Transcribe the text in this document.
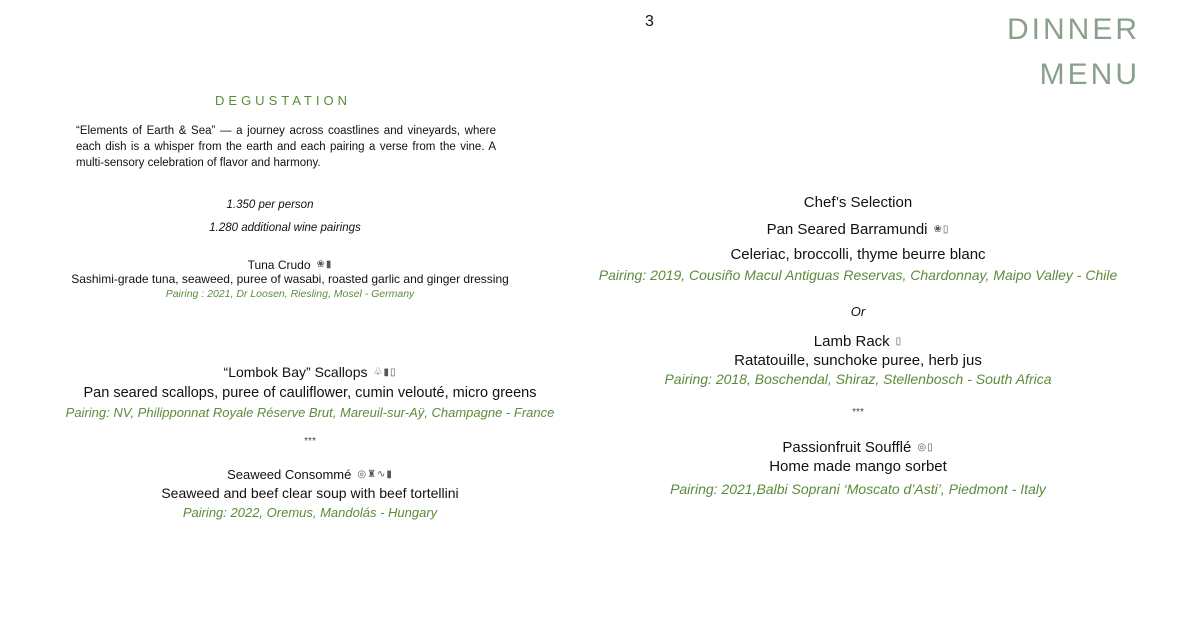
3	DINNER
MENU
DEGUSTATION
“Elements of Earth & Sea” — a journey across coastlines and vineyards, where each dish is a whisper from the earth and each pairing a verse from the vine. A multi-sensory celebration of flavor and harmony.
1.350 per person
1.280 additional wine pairings
Tuna Crudo ❀▮
Sashimi-grade tuna, seaweed, puree of wasabi, roasted garlic and ginger dressing
Pairing : 2021, Dr Loosen, Riesling, Mosel - Germany
“Lombok Bay” Scallops ♧▮▯
Pan seared scallops, puree of cauliflower, cumin velouté, micro greens
Pairing: NV, Philipponnat Royale Réserve Brut, Mareuil-sur-Aÿ, Champagne - France
***
Seaweed Consommé ◎♜∿▮
Seaweed and beef clear soup with beef tortellini
Pairing: 2022, Oremus, Mandolás - Hungary
Chef’s Selection
Pan Seared Barramundi ❀▯
Celeriac, broccolli, thyme beurre blanc
Pairing: 2019, Cousiño Macul Antiguas Reservas, Chardonnay, Maipo Valley - Chile
Or
Lamb Rack ▯
Ratatouille, sunchoke puree, herb jus
Pairing: 2018, Boschendal, Shiraz, Stellenbosch - South Africa
***
Passionfruit Soufflé ◎▯
Home made mango sorbet
Pairing: 2021,Balbi Soprani ‘Moscato d’Asti’, Piedmont - Italy
